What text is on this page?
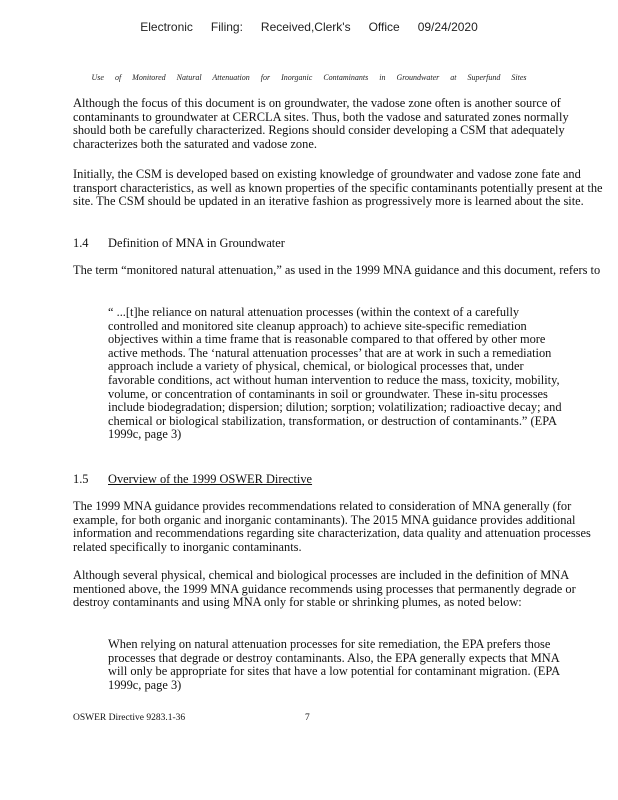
Electronic Filing: Received,Clerk's Office 09/24/2020
Use of Monitored Natural Attenuation for Inorganic Contaminants in Groundwater at Superfund Sites
Although the focus of this document is on groundwater, the vadose zone often is another source of contaminants to groundwater at CERCLA sites. Thus, both the vadose and saturated zones normally should both be carefully characterized. Regions should consider developing a CSM that adequately characterizes both the saturated and vadose zone.
Initially, the CSM is developed based on existing knowledge of groundwater and vadose zone fate and transport characteristics, as well as known properties of the specific contaminants potentially present at the site. The CSM should be updated in an iterative fashion as progressively more is learned about the site.
1.4 Definition of MNA in Groundwater
The term “monitored natural attenuation,” as used in the 1999 MNA guidance and this document, refers to
“ ...[t]he reliance on natural attenuation processes (within the context of a carefully controlled and monitored site cleanup approach) to achieve site-specific remediation objectives within a time frame that is reasonable compared to that offered by other more active methods. The ‘natural attenuation processes’ that are at work in such a remediation approach include a variety of physical, chemical, or biological processes that, under favorable conditions, act without human intervention to reduce the mass, toxicity, mobility, volume, or concentration of contaminants in soil or groundwater. These in-situ processes include biodegradation; dispersion; dilution; sorption; volatilization; radioactive decay; and chemical or biological stabilization, transformation, or destruction of contaminants.” (EPA 1999c, page 3)
1.5 Overview of the 1999 OSWER Directive
The 1999 MNA guidance provides recommendations related to consideration of MNA generally (for example, for both organic and inorganic contaminants). The 2015 MNA guidance provides additional information and recommendations regarding site characterization, data quality and attenuation processes related specifically to inorganic contaminants.
Although several physical, chemical and biological processes are included in the definition of MNA mentioned above, the 1999 MNA guidance recommends using processes that permanently degrade or destroy contaminants and using MNA only for stable or shrinking plumes, as noted below:
When relying on natural attenuation processes for site remediation, the EPA prefers those processes that degrade or destroy contaminants. Also, the EPA generally expects that MNA will only be appropriate for sites that have a low potential for contaminant migration. (EPA 1999c, page 3)
OSWER Directive 9283.1-36	7
